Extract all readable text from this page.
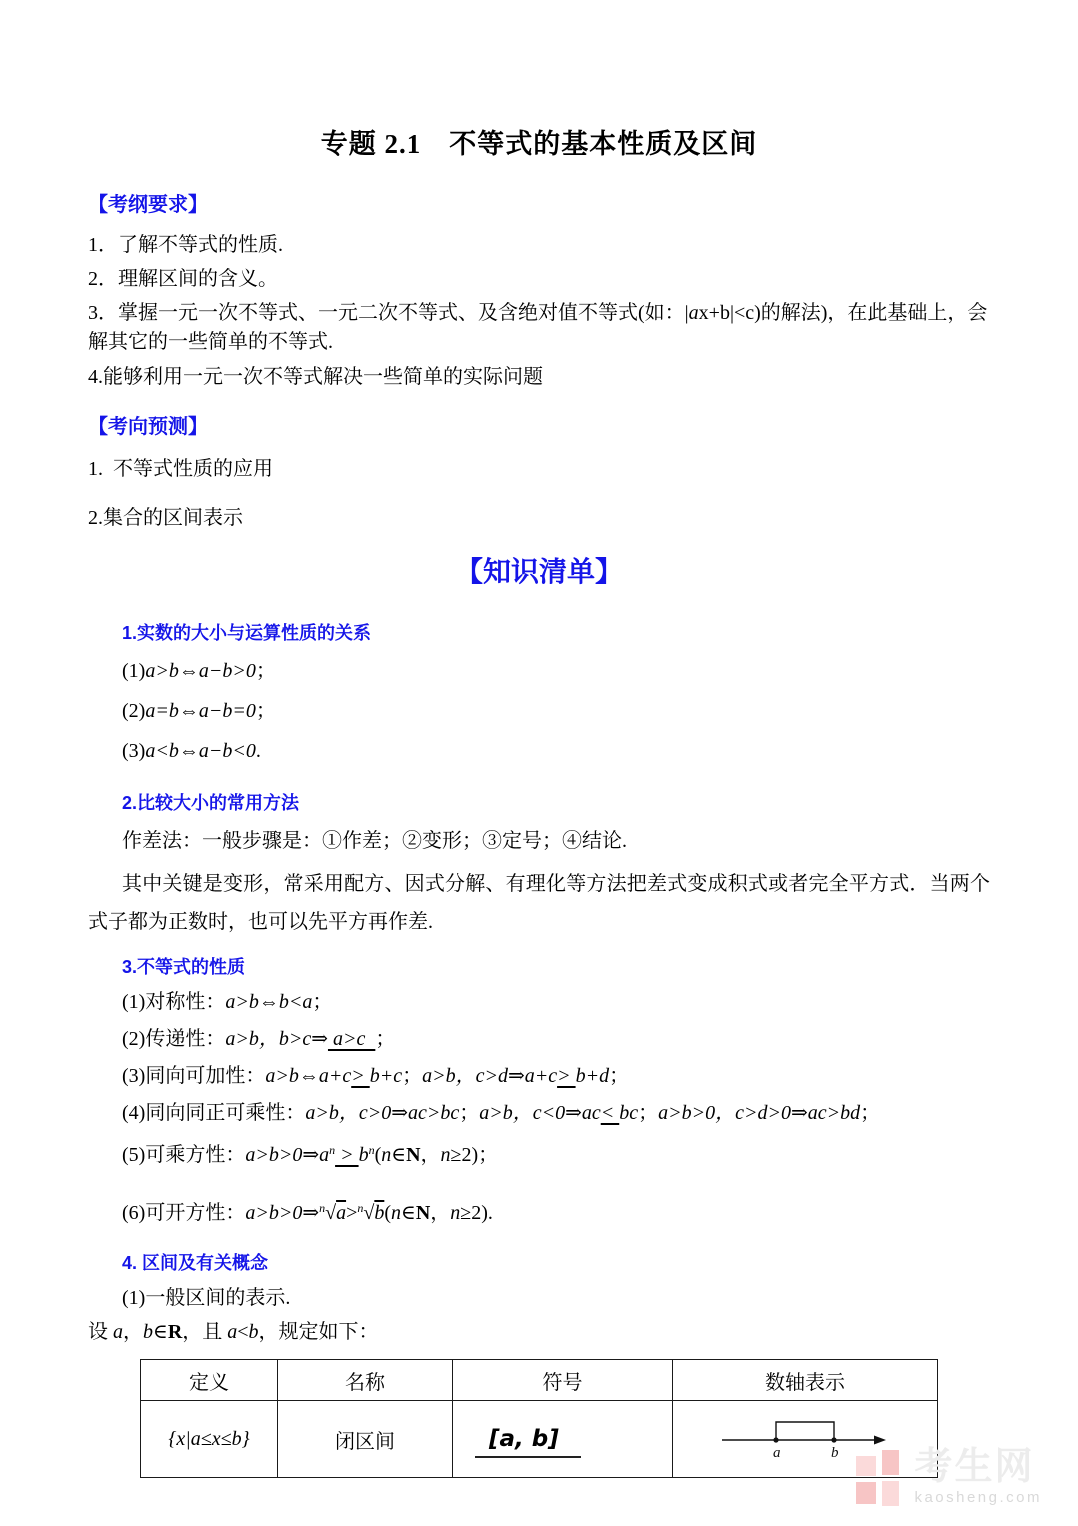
专题 2.1　不等式的基本性质及区间
【考纲要求】

1．了解不等式的性质.

2．理解区间的含义。

3．掌握一元一次不等式、一元二次不等式、及含绝对值不等式(如：|ax+b|<c)的解法)，在此基础上，会解其它的一些简单的不等式.

4.能够利用一元一次不等式解决一些简单的实际问题

【考向预测】

1.  不等式性质的应用

2.集合的区间表示

【知识清单】
1.实数的大小与运算性质的关系

(1)a>b⇔a−b>0；

(2)a=b⇔a−b=0；

(3)a<b⇔a−b<0.

2.比较大小的常用方法

作差法：一般步骤是：①作差；②变形；③定号；④结论.

其中关键是变形，常采用配方、因式分解、有理化等方法把差式变成积式或者完全平方式．当两个式子都为正数时，也可以先平方再作差.

3.不等式的性质

(1)对称性：a>b⇔b<a；

(2)传递性：a>b，b>c⇒ a>c  ；

(3)同向可加性：a>b⇔a+c> b+c；a>b，c>d⇒a+c> b+d；

(4)同向同正可乘性：a>b，c>0⇒ac>bc；a>b，c<0⇒ac< bc；a>b>0，c>d>0⇒ac>bd；

(5)可乘方性：$a>b>0\Rightarrow a^n$ > $b^n(n\in N$，n≥2)；

(6)可开方性：a>b>0⇒$^n$√a>$^n$√b(n∈N，n≥2).

4. 区间及有关概念

(1)一般区间的表示.

设 a，b∈R，且 a<b，规定如下：

定义	名称	符号	数轴表示
{x|a≤x≤b}	闭区间	[a, b]	a b 考生网
kaosheng.com
